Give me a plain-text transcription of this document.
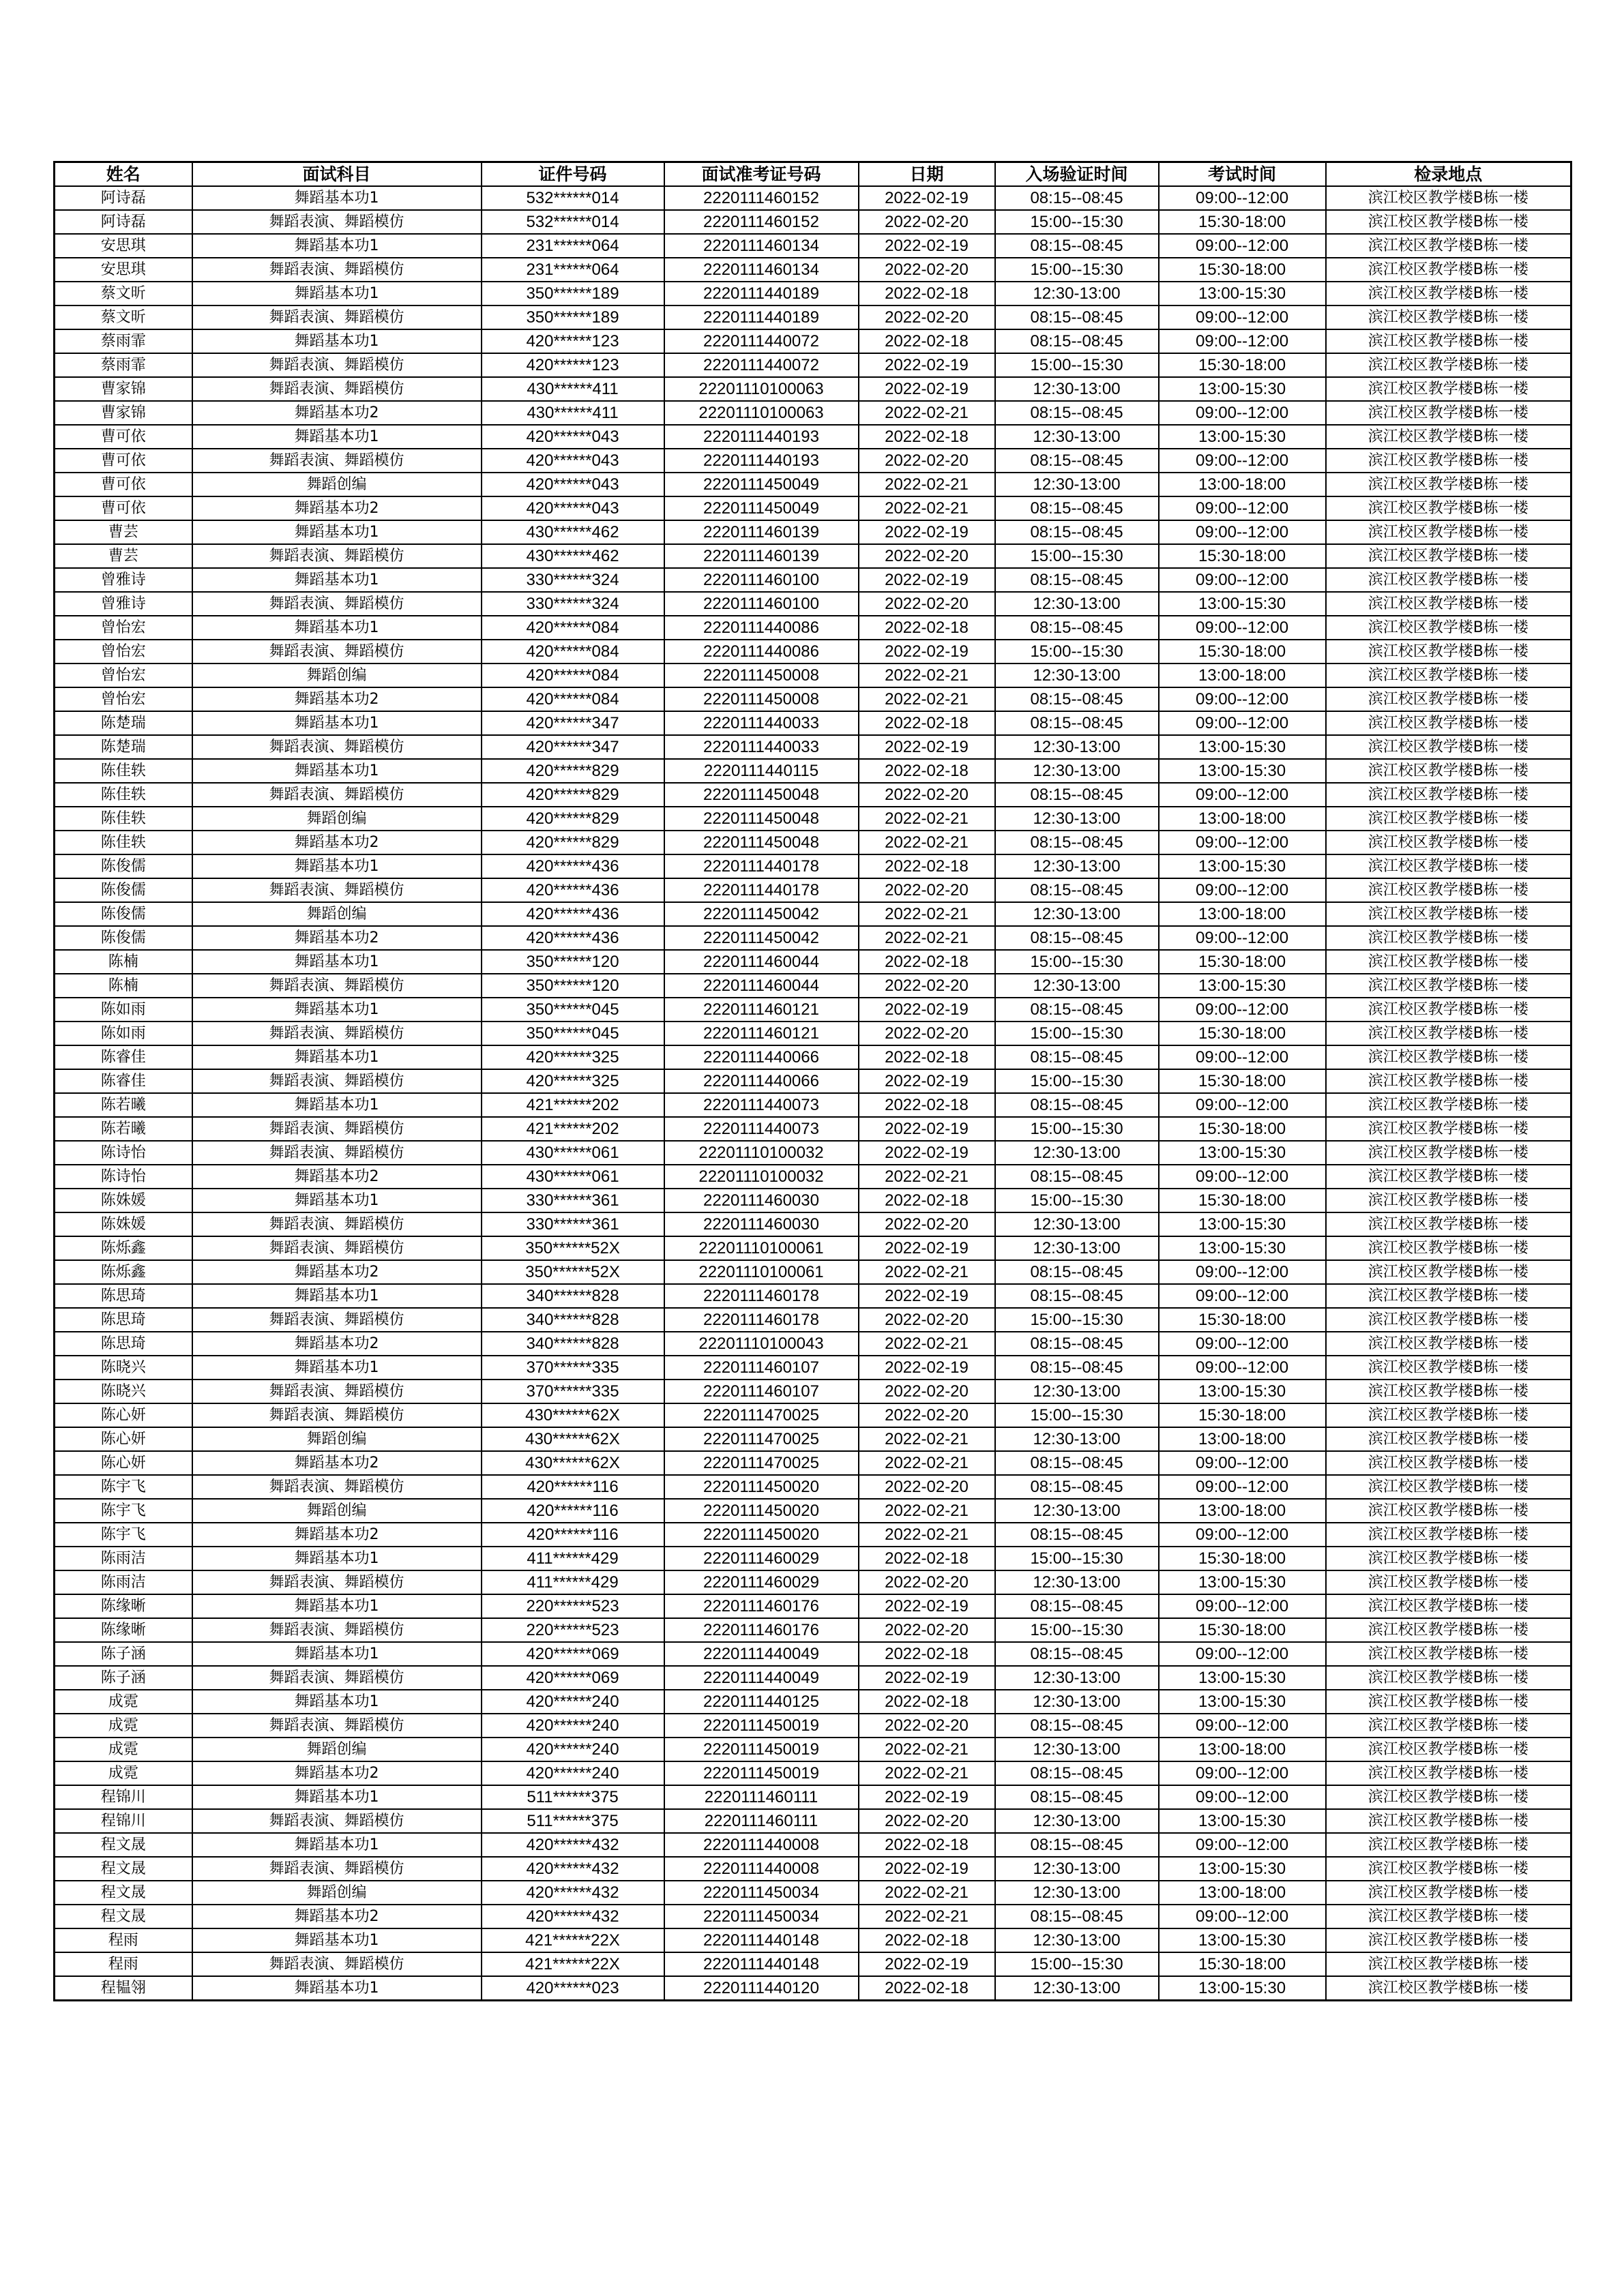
姓名	面试科目	证件号码	面试准考证号码	日期	入场验证时间	考试时间	检录地点
阿诗磊	舞蹈基本功1	532******014	2220111460152	2022-02-19	08:15--08:45	09:00--12:00	滨江校区教学楼B栋一楼
阿诗磊	舞蹈表演、舞蹈模仿	532******014	2220111460152	2022-02-20	15:00--15:30	15:30-18:00	滨江校区教学楼B栋一楼
安思琪	舞蹈基本功1	231******064	2220111460134	2022-02-19	08:15--08:45	09:00--12:00	滨江校区教学楼B栋一楼
安思琪	舞蹈表演、舞蹈模仿	231******064	2220111460134	2022-02-20	15:00--15:30	15:30-18:00	滨江校区教学楼B栋一楼
蔡文昕	舞蹈基本功1	350******189	2220111440189	2022-02-18	12:30-13:00	13:00-15:30	滨江校区教学楼B栋一楼
蔡文昕	舞蹈表演、舞蹈模仿	350******189	2220111440189	2022-02-20	08:15--08:45	09:00--12:00	滨江校区教学楼B栋一楼
蔡雨霏	舞蹈基本功1	420******123	2220111440072	2022-02-18	08:15--08:45	09:00--12:00	滨江校区教学楼B栋一楼
蔡雨霏	舞蹈表演、舞蹈模仿	420******123	2220111440072	2022-02-19	15:00--15:30	15:30-18:00	滨江校区教学楼B栋一楼
曹家锦	舞蹈表演、舞蹈模仿	430******411	22201110100063	2022-02-19	12:30-13:00	13:00-15:30	滨江校区教学楼B栋一楼
曹家锦	舞蹈基本功2	430******411	22201110100063	2022-02-21	08:15--08:45	09:00--12:00	滨江校区教学楼B栋一楼
曹可依	舞蹈基本功1	420******043	2220111440193	2022-02-18	12:30-13:00	13:00-15:30	滨江校区教学楼B栋一楼
曹可依	舞蹈表演、舞蹈模仿	420******043	2220111440193	2022-02-20	08:15--08:45	09:00--12:00	滨江校区教学楼B栋一楼
曹可依	舞蹈创编	420******043	2220111450049	2022-02-21	12:30-13:00	13:00-18:00	滨江校区教学楼B栋一楼
曹可依	舞蹈基本功2	420******043	2220111450049	2022-02-21	08:15--08:45	09:00--12:00	滨江校区教学楼B栋一楼
曹芸	舞蹈基本功1	430******462	2220111460139	2022-02-19	08:15--08:45	09:00--12:00	滨江校区教学楼B栋一楼
曹芸	舞蹈表演、舞蹈模仿	430******462	2220111460139	2022-02-20	15:00--15:30	15:30-18:00	滨江校区教学楼B栋一楼
曾雅诗	舞蹈基本功1	330******324	2220111460100	2022-02-19	08:15--08:45	09:00--12:00	滨江校区教学楼B栋一楼
曾雅诗	舞蹈表演、舞蹈模仿	330******324	2220111460100	2022-02-20	12:30-13:00	13:00-15:30	滨江校区教学楼B栋一楼
曾怡宏	舞蹈基本功1	420******084	2220111440086	2022-02-18	08:15--08:45	09:00--12:00	滨江校区教学楼B栋一楼
曾怡宏	舞蹈表演、舞蹈模仿	420******084	2220111440086	2022-02-19	15:00--15:30	15:30-18:00	滨江校区教学楼B栋一楼
曾怡宏	舞蹈创编	420******084	2220111450008	2022-02-21	12:30-13:00	13:00-18:00	滨江校区教学楼B栋一楼
曾怡宏	舞蹈基本功2	420******084	2220111450008	2022-02-21	08:15--08:45	09:00--12:00	滨江校区教学楼B栋一楼
陈楚瑞	舞蹈基本功1	420******347	2220111440033	2022-02-18	08:15--08:45	09:00--12:00	滨江校区教学楼B栋一楼
陈楚瑞	舞蹈表演、舞蹈模仿	420******347	2220111440033	2022-02-19	12:30-13:00	13:00-15:30	滨江校区教学楼B栋一楼
陈佳轶	舞蹈基本功1	420******829	2220111440115	2022-02-18	12:30-13:00	13:00-15:30	滨江校区教学楼B栋一楼
陈佳轶	舞蹈表演、舞蹈模仿	420******829	2220111450048	2022-02-20	08:15--08:45	09:00--12:00	滨江校区教学楼B栋一楼
陈佳轶	舞蹈创编	420******829	2220111450048	2022-02-21	12:30-13:00	13:00-18:00	滨江校区教学楼B栋一楼
陈佳轶	舞蹈基本功2	420******829	2220111450048	2022-02-21	08:15--08:45	09:00--12:00	滨江校区教学楼B栋一楼
陈俊儒	舞蹈基本功1	420******436	2220111440178	2022-02-18	12:30-13:00	13:00-15:30	滨江校区教学楼B栋一楼
陈俊儒	舞蹈表演、舞蹈模仿	420******436	2220111440178	2022-02-20	08:15--08:45	09:00--12:00	滨江校区教学楼B栋一楼
陈俊儒	舞蹈创编	420******436	2220111450042	2022-02-21	12:30-13:00	13:00-18:00	滨江校区教学楼B栋一楼
陈俊儒	舞蹈基本功2	420******436	2220111450042	2022-02-21	08:15--08:45	09:00--12:00	滨江校区教学楼B栋一楼
陈楠	舞蹈基本功1	350******120	2220111460044	2022-02-18	15:00--15:30	15:30-18:00	滨江校区教学楼B栋一楼
陈楠	舞蹈表演、舞蹈模仿	350******120	2220111460044	2022-02-20	12:30-13:00	13:00-15:30	滨江校区教学楼B栋一楼
陈如雨	舞蹈基本功1	350******045	2220111460121	2022-02-19	08:15--08:45	09:00--12:00	滨江校区教学楼B栋一楼
陈如雨	舞蹈表演、舞蹈模仿	350******045	2220111460121	2022-02-20	15:00--15:30	15:30-18:00	滨江校区教学楼B栋一楼
陈睿佳	舞蹈基本功1	420******325	2220111440066	2022-02-18	08:15--08:45	09:00--12:00	滨江校区教学楼B栋一楼
陈睿佳	舞蹈表演、舞蹈模仿	420******325	2220111440066	2022-02-19	15:00--15:30	15:30-18:00	滨江校区教学楼B栋一楼
陈若曦	舞蹈基本功1	421******202	2220111440073	2022-02-18	08:15--08:45	09:00--12:00	滨江校区教学楼B栋一楼
陈若曦	舞蹈表演、舞蹈模仿	421******202	2220111440073	2022-02-19	15:00--15:30	15:30-18:00	滨江校区教学楼B栋一楼
陈诗怡	舞蹈表演、舞蹈模仿	430******061	22201110100032	2022-02-19	12:30-13:00	13:00-15:30	滨江校区教学楼B栋一楼
陈诗怡	舞蹈基本功2	430******061	22201110100032	2022-02-21	08:15--08:45	09:00--12:00	滨江校区教学楼B栋一楼
陈姝媛	舞蹈基本功1	330******361	2220111460030	2022-02-18	15:00--15:30	15:30-18:00	滨江校区教学楼B栋一楼
陈姝媛	舞蹈表演、舞蹈模仿	330******361	2220111460030	2022-02-20	12:30-13:00	13:00-15:30	滨江校区教学楼B栋一楼
陈烁鑫	舞蹈表演、舞蹈模仿	350******52X	22201110100061	2022-02-19	12:30-13:00	13:00-15:30	滨江校区教学楼B栋一楼
陈烁鑫	舞蹈基本功2	350******52X	22201110100061	2022-02-21	08:15--08:45	09:00--12:00	滨江校区教学楼B栋一楼
陈思琦	舞蹈基本功1	340******828	2220111460178	2022-02-19	08:15--08:45	09:00--12:00	滨江校区教学楼B栋一楼
陈思琦	舞蹈表演、舞蹈模仿	340******828	2220111460178	2022-02-20	15:00--15:30	15:30-18:00	滨江校区教学楼B栋一楼
陈思琦	舞蹈基本功2	340******828	22201110100043	2022-02-21	08:15--08:45	09:00--12:00	滨江校区教学楼B栋一楼
陈晓兴	舞蹈基本功1	370******335	2220111460107	2022-02-19	08:15--08:45	09:00--12:00	滨江校区教学楼B栋一楼
陈晓兴	舞蹈表演、舞蹈模仿	370******335	2220111460107	2022-02-20	12:30-13:00	13:00-15:30	滨江校区教学楼B栋一楼
陈心妍	舞蹈表演、舞蹈模仿	430******62X	2220111470025	2022-02-20	15:00--15:30	15:30-18:00	滨江校区教学楼B栋一楼
陈心妍	舞蹈创编	430******62X	2220111470025	2022-02-21	12:30-13:00	13:00-18:00	滨江校区教学楼B栋一楼
陈心妍	舞蹈基本功2	430******62X	2220111470025	2022-02-21	08:15--08:45	09:00--12:00	滨江校区教学楼B栋一楼
陈宇飞	舞蹈表演、舞蹈模仿	420******116	2220111450020	2022-02-20	08:15--08:45	09:00--12:00	滨江校区教学楼B栋一楼
陈宇飞	舞蹈创编	420******116	2220111450020	2022-02-21	12:30-13:00	13:00-18:00	滨江校区教学楼B栋一楼
陈宇飞	舞蹈基本功2	420******116	2220111450020	2022-02-21	08:15--08:45	09:00--12:00	滨江校区教学楼B栋一楼
陈雨洁	舞蹈基本功1	411******429	2220111460029	2022-02-18	15:00--15:30	15:30-18:00	滨江校区教学楼B栋一楼
陈雨洁	舞蹈表演、舞蹈模仿	411******429	2220111460029	2022-02-20	12:30-13:00	13:00-15:30	滨江校区教学楼B栋一楼
陈缘晰	舞蹈基本功1	220******523	2220111460176	2022-02-19	08:15--08:45	09:00--12:00	滨江校区教学楼B栋一楼
陈缘晰	舞蹈表演、舞蹈模仿	220******523	2220111460176	2022-02-20	15:00--15:30	15:30-18:00	滨江校区教学楼B栋一楼
陈子涵	舞蹈基本功1	420******069	2220111440049	2022-02-18	08:15--08:45	09:00--12:00	滨江校区教学楼B栋一楼
陈子涵	舞蹈表演、舞蹈模仿	420******069	2220111440049	2022-02-19	12:30-13:00	13:00-15:30	滨江校区教学楼B栋一楼
成霓	舞蹈基本功1	420******240	2220111440125	2022-02-18	12:30-13:00	13:00-15:30	滨江校区教学楼B栋一楼
成霓	舞蹈表演、舞蹈模仿	420******240	2220111450019	2022-02-20	08:15--08:45	09:00--12:00	滨江校区教学楼B栋一楼
成霓	舞蹈创编	420******240	2220111450019	2022-02-21	12:30-13:00	13:00-18:00	滨江校区教学楼B栋一楼
成霓	舞蹈基本功2	420******240	2220111450019	2022-02-21	08:15--08:45	09:00--12:00	滨江校区教学楼B栋一楼
程锦川	舞蹈基本功1	511******375	2220111460111	2022-02-19	08:15--08:45	09:00--12:00	滨江校区教学楼B栋一楼
程锦川	舞蹈表演、舞蹈模仿	511******375	2220111460111	2022-02-20	12:30-13:00	13:00-15:30	滨江校区教学楼B栋一楼
程文晟	舞蹈基本功1	420******432	2220111440008	2022-02-18	08:15--08:45	09:00--12:00	滨江校区教学楼B栋一楼
程文晟	舞蹈表演、舞蹈模仿	420******432	2220111440008	2022-02-19	12:30-13:00	13:00-15:30	滨江校区教学楼B栋一楼
程文晟	舞蹈创编	420******432	2220111450034	2022-02-21	12:30-13:00	13:00-18:00	滨江校区教学楼B栋一楼
程文晟	舞蹈基本功2	420******432	2220111450034	2022-02-21	08:15--08:45	09:00--12:00	滨江校区教学楼B栋一楼
程雨	舞蹈基本功1	421******22X	2220111440148	2022-02-18	12:30-13:00	13:00-15:30	滨江校区教学楼B栋一楼
程雨	舞蹈表演、舞蹈模仿	421******22X	2220111440148	2022-02-19	15:00--15:30	15:30-18:00	滨江校区教学楼B栋一楼
程韫翎	舞蹈基本功1	420******023	2220111440120	2022-02-18	12:30-13:00	13:00-15:30	滨江校区教学楼B栋一楼
